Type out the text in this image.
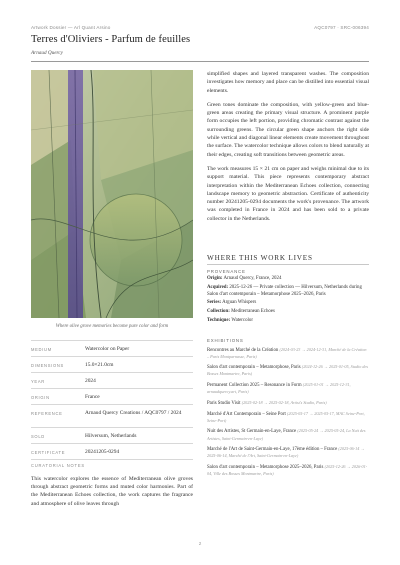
Artwork Dossier — Arl Quant Arsino	AQC0797 · SRC-006394
Terres d'Oliviers - Parfum de feuilles
Arnaud Quercy
Where olive grove memories become pure color and form
MEDIUM	Watercolor on Paper
DIMENSIONS	15.0×21.0cm
YEAR	2024
ORIGIN	France
REFERENCE	Arnaud Quercy Creations / AQC0797 / 2024
SOLD	Hilversum, Netherlands
CERTIFICATE	20241205-0294
CURATORIAL NOTES
This watercolor explores the essence of Mediterranean olive groves through abstract geometric forms and muted color harmonies. Part of the Mediterranean Echoes collection, the work captures the fragrance and atmosphere of olive leaves through

simplified shapes and layered transparent washes. The composition investigates how memory and place can be distilled into essential visual elements.

Green tones dominate the composition, with yellow-green and blue-green areas creating the primary visual structure. A prominent purple form occupies the left portion, providing chromatic contrast against the surrounding greens. The circular green shape anchors the right side while vertical and diagonal linear elements create movement throughout the surface. The watercolor technique allows colors to blend naturally at their edges, creating soft transitions between geometric areas.

The work measures 15 × 21 cm on paper and weighs minimal due to its support material. This piece represents contemporary abstract interpretation within the Mediterranean Echoes collection, connecting landscape memory to geometric abstraction. Certificate of authenticity number 20241205-0294 documents the work's provenance. The artwork was completed in France in 2024 and has been sold to a private collector in the Netherlands.

WHERE THIS WORK LIVES
PROVENANCE
Origin: Arnaud Quercy, France, 2024
Acquired: 2025-12-26 — Private collection — Hilversum, Netherlands during Salon d'art contemporain – Metamorphose 2025–2026, Paris
Series: Arguan Whispers
Collection: Mediterranean Echoes
Technique: Watercolor
EXHIBITIONS
Rencontres au Marché de la Création (2024-03-23 → 2024-12-31, Marché de la Création – Paris Montparnasse, Paris)
Salon d'art contemporain – Metamorphose, Paris (2024-12-26 → 2025-01-05, Studio des Bosses Montmartre, Paris)
Permanent Collection 2025 – Resonance in Form (2025-01-01 → 2025-12-31, arnaudquercy.art, Paris)
Paris Studio Visit (2025-02-18 → 2025-02-18, Artist's Studio, Paris)
Marché d'Art Contemporain – Seine Port (2025-05-17 → 2025-05-17, MAC Seine-Port, Seine-Port)
Nuit des Artistes, St Germain-en-Laye, France (2025-05-24 → 2025-05-24, La Nuit des Artistes, Saint-Germain-en-Laye)
Marché de l'Art de Saint-Germain-en-Laye, 17ème édition – France (2025-06-14 → 2025-06-14, Marché de l'Art, Saint-Germain-en-Laye)
Salon d'art contemporain – Metamorphose 2025–2026, Paris (2025-12-26 → 2026-01-04, Ville des Bosses Montmartre, Paris)
2
